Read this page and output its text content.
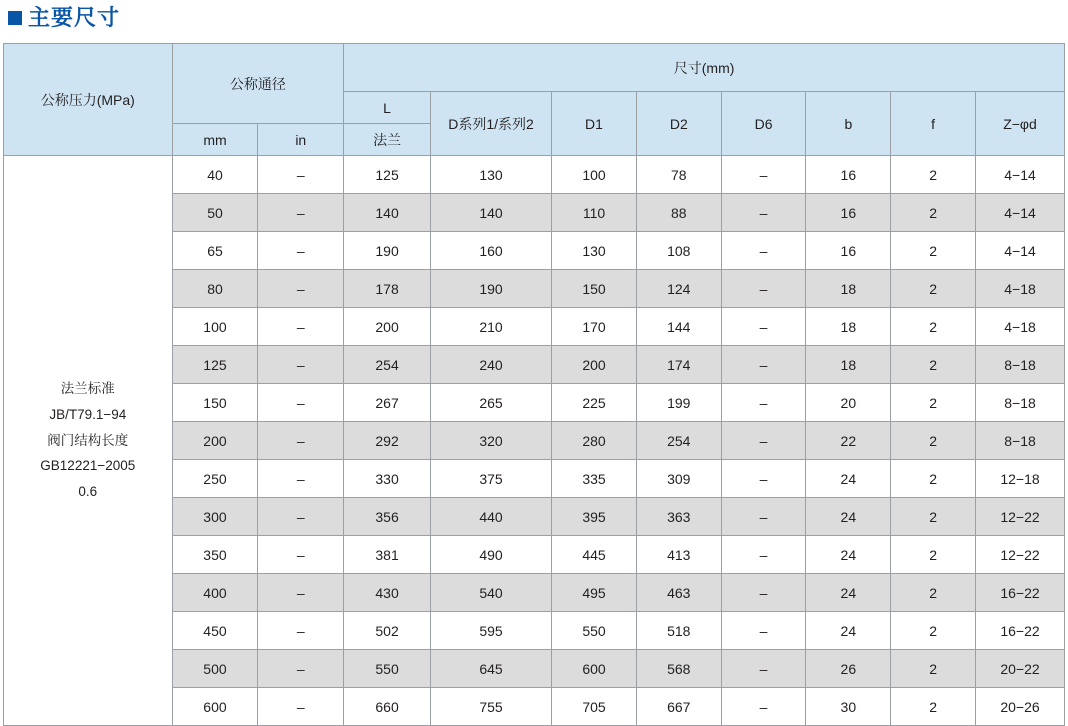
主要尺寸
公称压力(MPa)	公称通径		尺寸(mm)							
			L	D系列1/系列2	D1	D2	D6	b	f	Z−φd
	mm	in	法兰							

法兰标准
JB/T79.1−94
阀门结构长度
GB12221−2005
0.6	40	–	125	130	100	78	–	16	2	4−14
	50	–	140	140	110	88	–	16	2	4−14
	65	–	190	160	130	108	–	16	2	4−14
	80	–	178	190	150	124	–	18	2	4−18
	100	–	200	210	170	144	–	18	2	4−18
	125	–	254	240	200	174	–	18	2	8−18
	150	–	267	265	225	199	–	20	2	8−18
	200	–	292	320	280	254	–	22	2	8−18
	250	–	330	375	335	309	–	24	2	12−18
	300	–	356	440	395	363	–	24	2	12−22
	350	–	381	490	445	413	–	24	2	12−22
	400	–	430	540	495	463	–	24	2	16−22
	450	–	502	595	550	518	–	24	2	16−22
	500	–	550	645	600	568	–	26	2	20−22
	600	–	660	755	705	667	–	30	2	20−26
